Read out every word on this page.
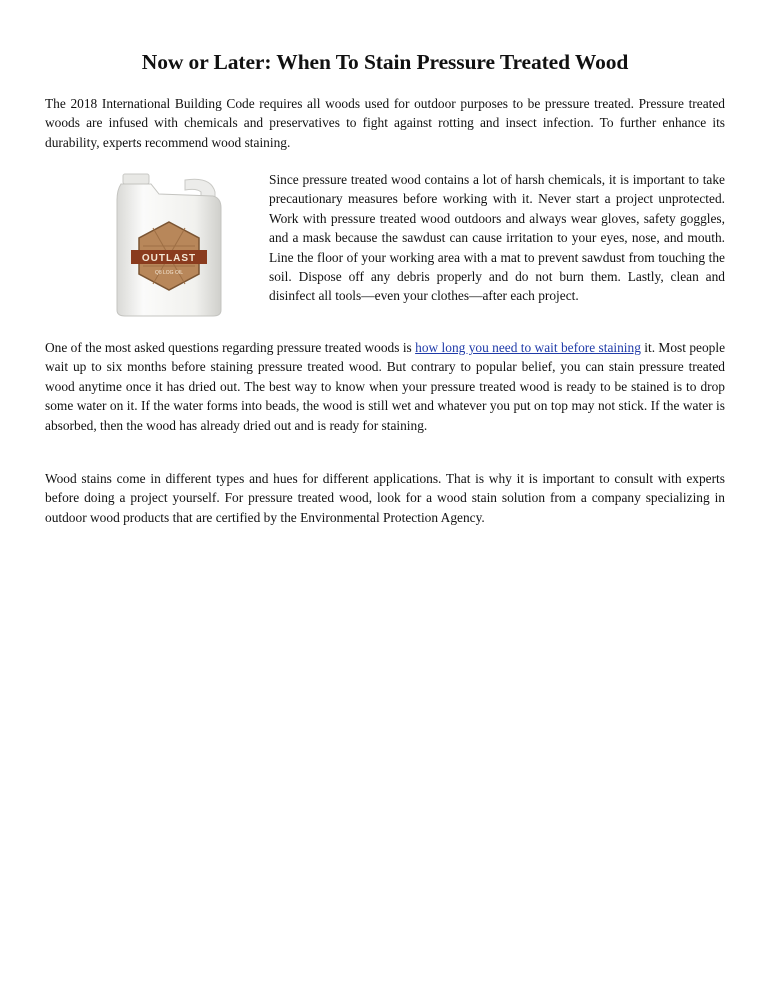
Now or Later: When To Stain Pressure Treated Wood

The 2018 International Building Code requires all woods used for outdoor purposes to be pressure treated. Pressure treated woods are infused with chemicals and preservatives to fight against rotting and insect infection. To further enhance its durability, experts recommend wood staining.

OUTLAST
Q8 LOG OIL

Since pressure treated wood contains a lot of harsh chemicals, it is important to take precautionary measures before working with it. Never start a project unprotected. Work with pressure treated wood outdoors and always wear gloves, safety goggles, and a mask because the sawdust can cause irritation to your eyes, nose, and mouth. Line the floor of your working area with a mat to prevent sawdust from touching the soil. Dispose off any debris properly and do not burn them. Lastly, clean and disinfect all tools—even your clothes—after each project.

One of the most asked questions regarding pressure treated woods is how long you need to wait before staining it. Most people wait up to six months before staining pressure treated wood. But contrary to popular belief, you can stain pressure treated wood anytime once it has dried out. The best way to know when your pressure treated wood is ready to be stained is to drop some water on it. If the water forms into beads, the wood is still wet and whatever you put on top may not stick. If the water is absorbed, then the wood has already dried out and is ready for staining.

Wood stains come in different types and hues for different applications. That is why it is important to consult with experts before doing a project yourself. For pressure treated wood, look for a wood stain solution from a company specializing in outdoor wood products that are certified by the Environmental Protection Agency.
